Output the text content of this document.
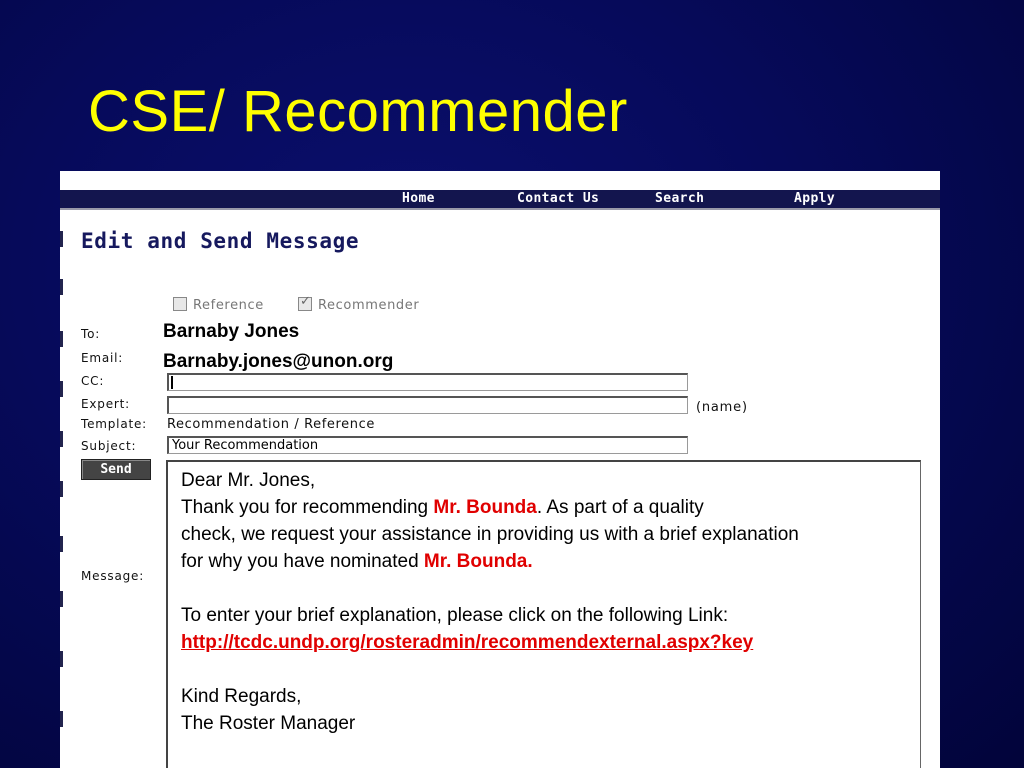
CSE/ Recommender
Home	Contact Us	Search	Apply
Edit and Send Message
Reference	✓ Recommender
To:	Barnaby Jones
Email: Barnaby.jones@unon.org
CC:
Expert:	(name)
Template: Recommendation / Reference
Subject:	Your Recommendation
Send
Message:

Dear Mr. Jones,

Thank you for recommending Mr. Bounda. As part of a quality

check, we request your assistance in providing us with a brief explanation

for why you have nominated Mr. Bounda.

To enter your brief explanation, please click on the following Link:

http://tcdc.undp.org/rosteradmin/recommendexternal.aspx?key

Kind Regards,

The Roster Manager
